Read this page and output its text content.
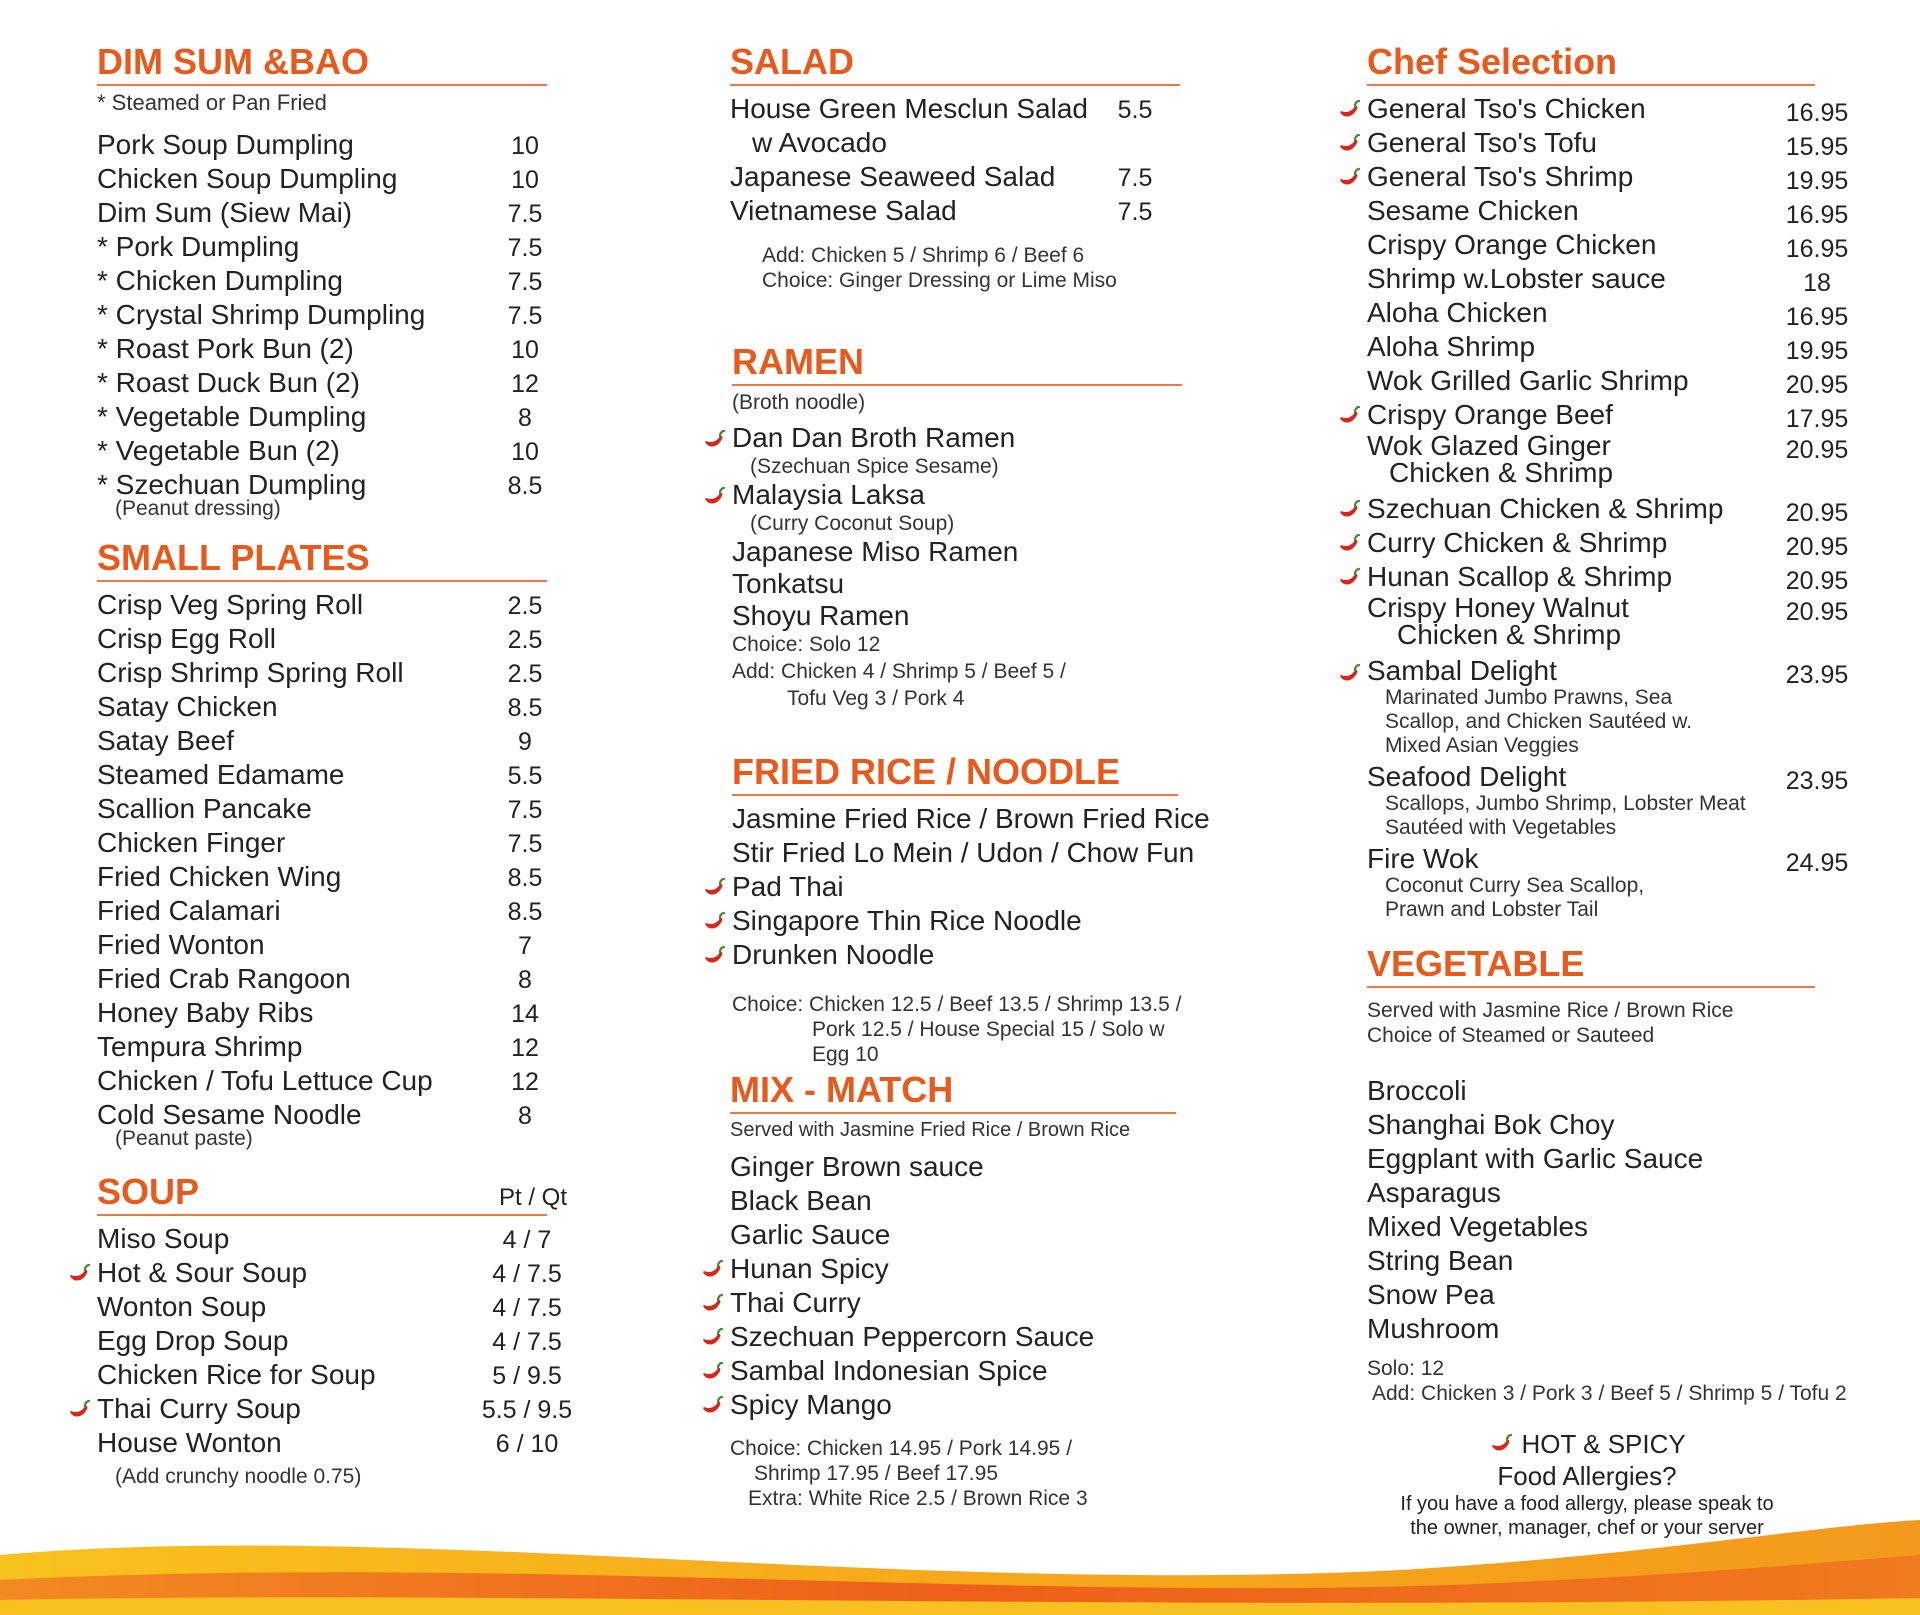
DIM SUM &BAO
* Steamed or Pan Fried
Pork Soup Dumpling	10
Chicken Soup Dumpling	10
Dim Sum (Siew Mai)	7.5
* Pork Dumpling	7.5
* Chicken Dumpling	7.5
* Crystal Shrimp Dumpling	7.5
* Roast Pork Bun (2)	10
* Roast Duck Bun (2)	12
* Vegetable Dumpling	8
* Vegetable Bun (2)	10
* Szechuan Dumpling	8.5
(Peanut dressing)
SMALL PLATES
Crisp Veg Spring Roll	2.5
Crisp Egg Roll	2.5
Crisp Shrimp Spring Roll	2.5
Satay Chicken	8.5
Satay Beef	9
Steamed Edamame	5.5
Scallion Pancake	7.5
Chicken Finger	7.5
Fried Chicken Wing	8.5
Fried Calamari	8.5
Fried Wonton	7
Fried Crab Rangoon	8
Honey Baby Ribs	14
Tempura Shrimp	12
Chicken / Tofu Lettuce Cup	12
Cold Sesame Noodle	8
(Peanut paste)
SOUP	Pt / Qt
Miso Soup	4 / 7
Hot & Sour Soup	4 / 7.5
Wonton Soup	4 / 7.5
Egg Drop Soup	4 / 7.5
Chicken Rice for Soup	5 / 9.5
Thai Curry Soup	5.5 / 9.5
House Wonton	6 / 10
(Add crunchy noodle 0.75)
SALAD
House Green Mesclun Salad	5.5
w Avocado
Japanese Seaweed Salad	7.5
Vietnamese Salad	7.5
Add: Chicken 5 / Shrimp 6 / Beef 6
Choice: Ginger Dressing or Lime Miso
RAMEN
(Broth noodle)
Dan Dan Broth Ramen
(Szechuan Spice Sesame)
Malaysia Laksa
(Curry Coconut Soup)
Japanese Miso Ramen
Tonkatsu
Shoyu Ramen
Choice: Solo 12
Add: Chicken 4 / Shrimp 5 / Beef 5 /
Tofu Veg 3 / Pork 4
FRIED RICE / NOODLE
Jasmine Fried Rice / Brown Fried Rice
Stir Fried Lo Mein / Udon / Chow Fun
Pad Thai
Singapore Thin Rice Noodle
Drunken Noodle
Choice: Chicken 12.5 / Beef 13.5 / Shrimp 13.5 /
Pork 12.5 / House Special 15 / Solo w Egg 10
MIX - MATCH
Served with Jasmine Fried Rice / Brown Rice
Ginger Brown sauce
Black Bean
Garlic Sauce
Hunan Spicy
Thai Curry
Szechuan Peppercorn Sauce
Sambal Indonesian Spice
Spicy Mango
Choice: Chicken 14.95 / Pork 14.95 /
Shrimp 17.95 / Beef 17.95
Extra: White Rice 2.5 / Brown Rice 3
Chef Selection
General Tso's Chicken	16.95
General Tso's Tofu	15.95
General Tso's Shrimp	19.95
Sesame Chicken	16.95
Crispy Orange Chicken	16.95
Shrimp w.Lobster sauce	18
Aloha Chicken	16.95
Aloha Shrimp	19.95
Wok Grilled Garlic Shrimp	20.95
Crispy Orange Beef	17.95
Wok Glazed Ginger	20.95
Chicken & Shrimp
Szechuan Chicken & Shrimp	20.95
Curry Chicken & Shrimp	20.95
Hunan Scallop & Shrimp	20.95
Crispy Honey Walnut	20.95
Chicken & Shrimp
Sambal Delight	23.95
Marinated Jumbo Prawns, Sea
Scallop, and Chicken Sautéed w.
Mixed Asian Veggies
Seafood Delight	23.95
Scallops, Jumbo Shrimp, Lobster Meat
Sautéed with Vegetables
Fire Wok	24.95
Coconut Curry Sea Scallop,
Prawn and Lobster Tail
VEGETABLE
Served with Jasmine Rice / Brown Rice
Choice of Steamed or Sauteed
Broccoli
Shanghai Bok Choy
Eggplant with Garlic Sauce
Asparagus
Mixed Vegetables
String Bean
Snow Pea
Mushroom
Solo: 12
Add: Chicken 3 / Pork 3 / Beef 5 / Shrimp 5 / Tofu 2
HOT & SPICY
Food Allergies?
If you have a food allergy, please speak to
the owner, manager, chef or your server
